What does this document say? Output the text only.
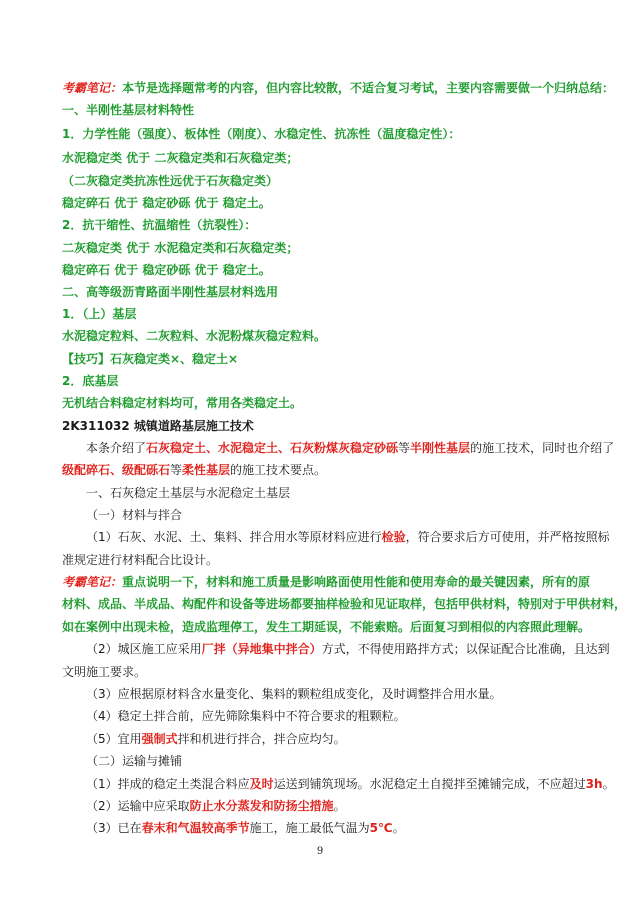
考霸笔记：本节是选择题常考的内容，但内容比较散，不适合复习考试，主要内容需要做一个归纳总结：
一、半刚性基层材料特性
1．力学性能（强度）、板体性（刚度）、水稳定性、抗冻性（温度稳定性）：
水泥稳定类 优于 二灰稳定类和石灰稳定类；
（二灰稳定类抗冻性远优于石灰稳定类）
稳定碎石 优于 稳定砂砾 优于 稳定土。
2．抗干缩性、抗温缩性（抗裂性）：
二灰稳定类 优于 水泥稳定类和石灰稳定类；
稳定碎石 优于 稳定砂砾 优于 稳定土。
二、高等级沥青路面半刚性基层材料选用
1．（上）基层
水泥稳定粒料、二灰粒料、水泥粉煤灰稳定粒料。
【技巧】石灰稳定类×、稳定土×
2．底基层
无机结合料稳定材料均可，常用各类稳定土。
2K311032 城镇道路基层施工技术
本条介绍了石灰稳定土、水泥稳定土、石灰粉煤灰稳定砂砾等半刚性基层的施工技术，同时也介绍了
级配碎石、级配砾石等柔性基层的施工技术要点。
一、石灰稳定土基层与水泥稳定土基层
（一）材料与拌合
（1）石灰、水泥、土、集料、拌合用水等原材料应进行检验，符合要求后方可使用，并严格按照标
准规定进行材料配合比设计。
考霸笔记：重点说明一下，材料和施工质量是影响路面使用性能和使用寿命的最关键因素，所有的原
材料、成品、半成品、构配件和设备等进场都要抽样检验和见证取样，包括甲供材料，特别对于甲供材料，
如在案例中出现未检，造成监理停工，发生工期延误，不能索赔。后面复习到相似的内容照此理解。
（2）城区施工应采用厂拌（异地集中拌合）方式，不得使用路拌方式；以保证配合比准确，且达到
文明施工要求。
（3）应根据原材料含水量变化、集料的颗粒组成变化，及时调整拌合用水量。
（4）稳定土拌合前，应先筛除集料中不符合要求的粗颗粒。
（5）宜用强制式拌和机进行拌合，拌合应均匀。
（二）运输与摊铺
（1）拌成的稳定土类混合料应及时运送到铺筑现场。水泥稳定土自搅拌至摊铺完成，不应超过3h。
（2）运输中应采取防止水分蒸发和防扬尘措施。
（3）已在春末和气温较高季节施工，施工最低气温为5℃。
9
